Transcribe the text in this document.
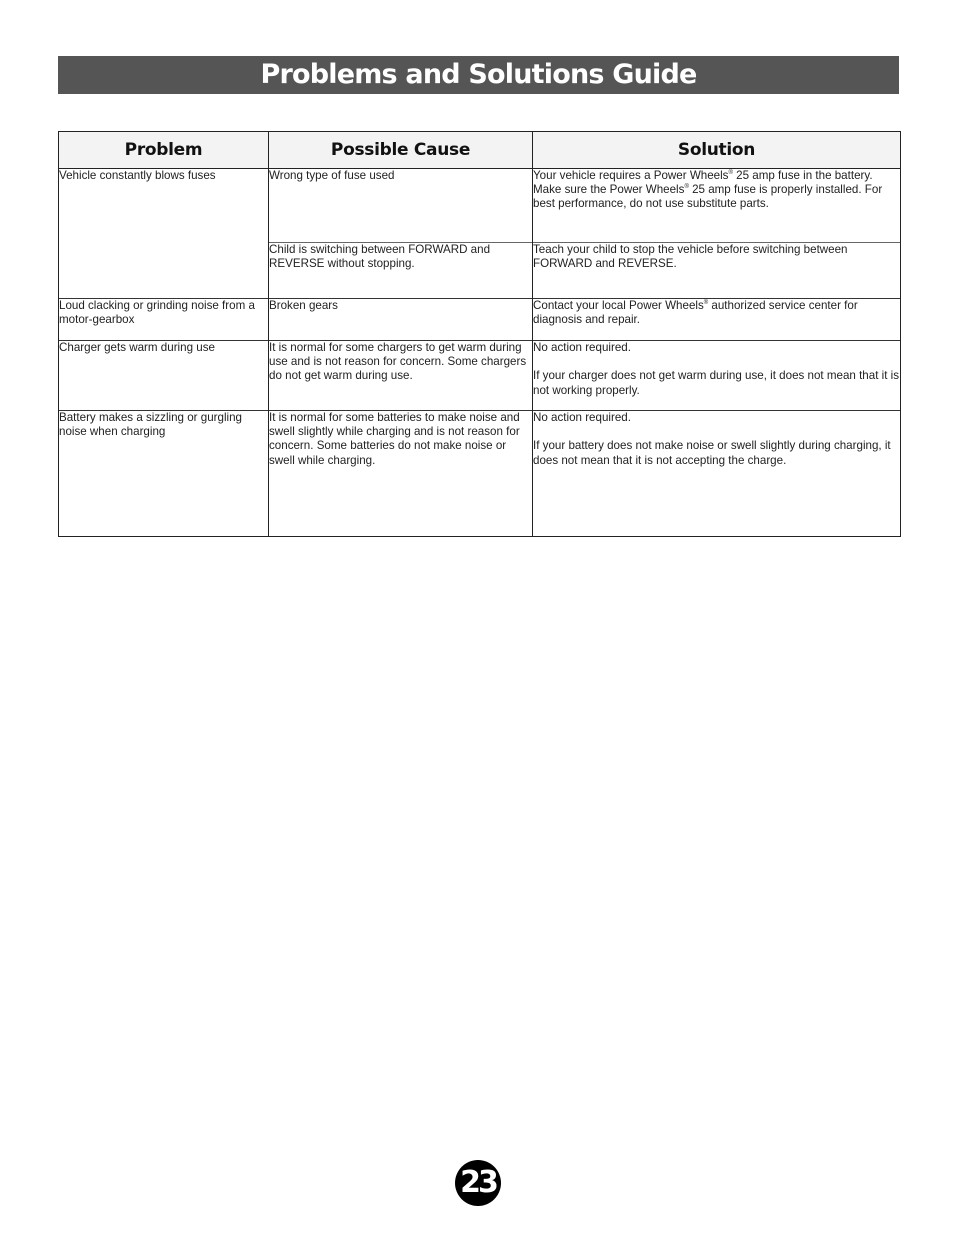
Problems and Solutions Guide
Problem	Possible Cause	Solution
Vehicle constantly blows fuses	Wrong type of fuse used	Your vehicle requires a Power Wheels® 25 amp fuse in the battery. Make sure the Power Wheels® 25 amp fuse is properly installed. For best performance, do not use substitute parts.
	Child is switching between FORWARD and REVERSE without stopping.	Teach your child to stop the vehicle before switching between FORWARD and REVERSE.
Loud clacking or grinding noise from a motor-gearbox	Broken gears	Contact your local Power Wheels® authorized service center for diagnosis and repair.
Charger gets warm during use	It is normal for some chargers to get warm during use and is not reason for concern. Some chargers do not get warm during use.	No action required.
If your charger does not get warm during use, it does not mean that it is not working properly.

Battery makes a sizzling or gurgling noise when charging	It is normal for some batteries to make noise and swell slightly while charging and is not reason for concern. Some batteries do not make noise or swell while charging.	No action required.
If your battery does not make noise or swell slightly during charging, it does not mean that it is not accepting the charge.
23
